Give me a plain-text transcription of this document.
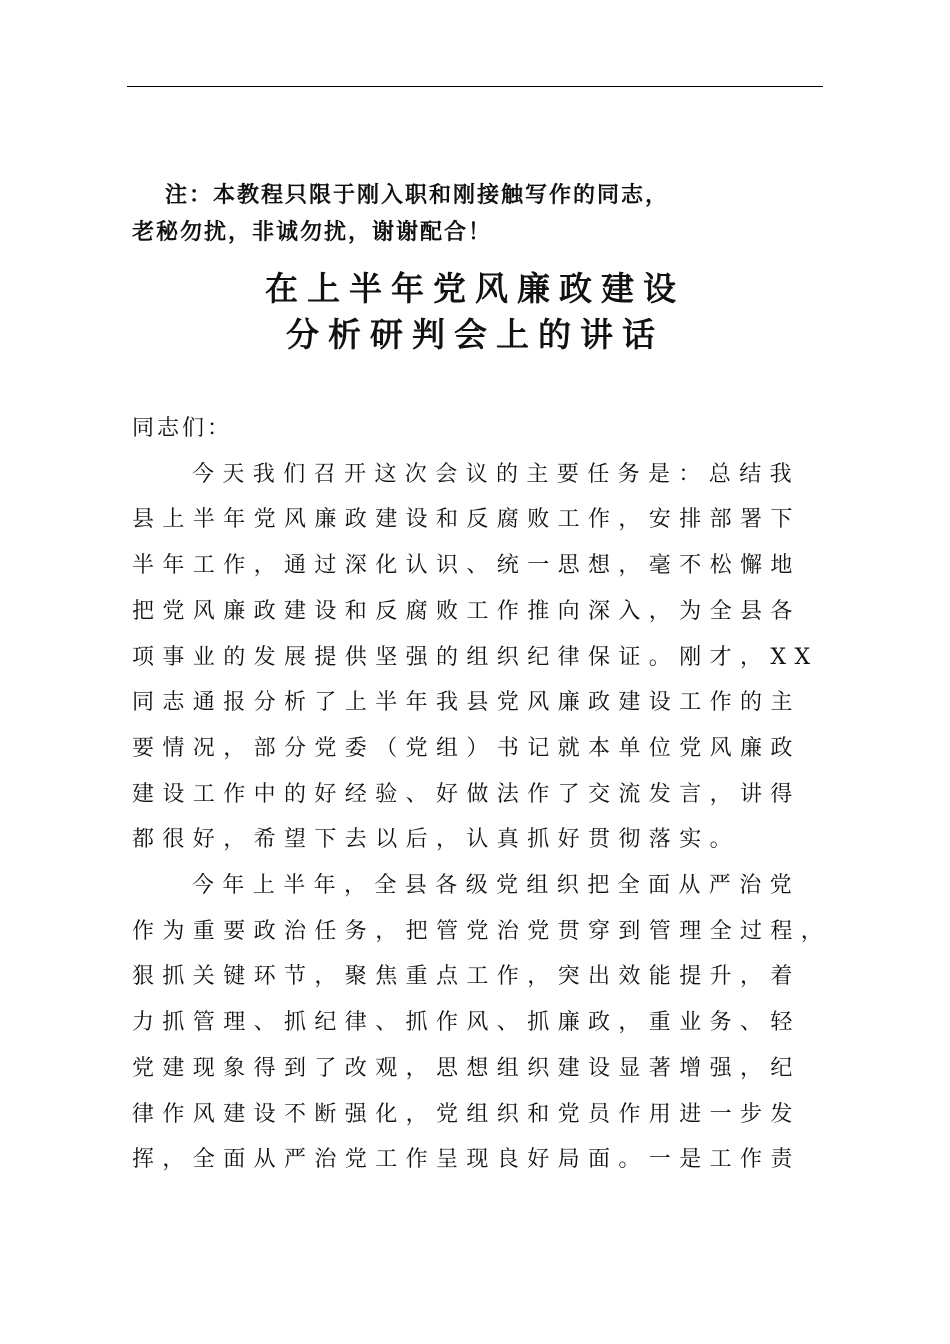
注：本教程只限于刚入职和刚接触写作的同志，
老秘勿扰，非诚勿扰，谢谢配合！
在上半年党风廉政建设
分析研判会上的讲话
同志们：
今天我们召开这次会议的主要任务是：总结我
县上半年党风廉政建设和反腐败工作，安排部署下
半年工作，通过深化认识、统一思想，毫不松懈地
把党风廉政建设和反腐败工作推向深入，为全县各
项事业的发展提供坚强的组织纪律保证。刚才，XX
同志通报分析了上半年我县党风廉政建设工作的主
要情况，部分党委（党组）书记就本单位党风廉政
建设工作中的好经验、好做法作了交流发言，讲得
都很好，希望下去以后，认真抓好贯彻落实。
今年上半年，全县各级党组织把全面从严治党
作为重要政治任务，把管党治党贯穿到管理全过程，
狠抓关键环节，聚焦重点工作，突出效能提升，着
力抓管理、抓纪律、抓作风、抓廉政，重业务、轻
党建现象得到了改观，思想组织建设显著增强，纪
律作风建设不断强化，党组织和党员作用进一步发
挥，全面从严治党工作呈现良好局面。一是工作责
